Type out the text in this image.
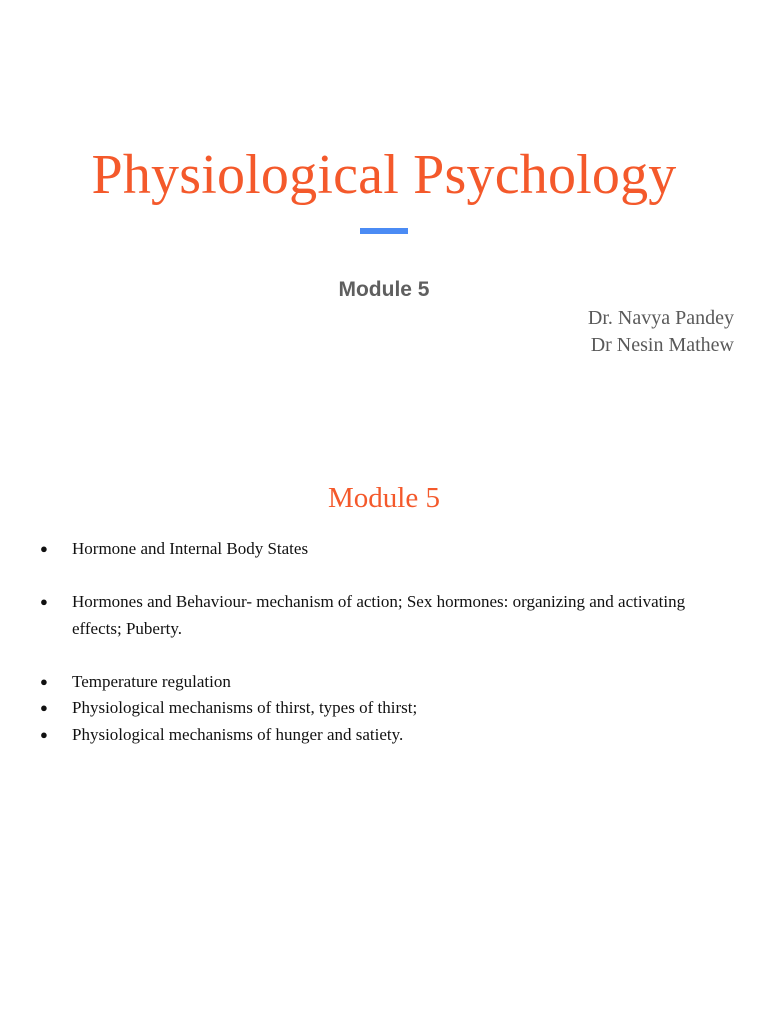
Physiological Psychology
Module 5
Dr. Navya Pandey
Dr Nesin Mathew
Module 5
● Hormone and Internal Body States
● Hormones and Behaviour- mechanism of action; Sex hormones: organizing and activating effects; Puberty.
● Temperature regulation
● Physiological mechanisms of thirst, types of thirst;
● Physiological mechanisms of hunger and satiety.
